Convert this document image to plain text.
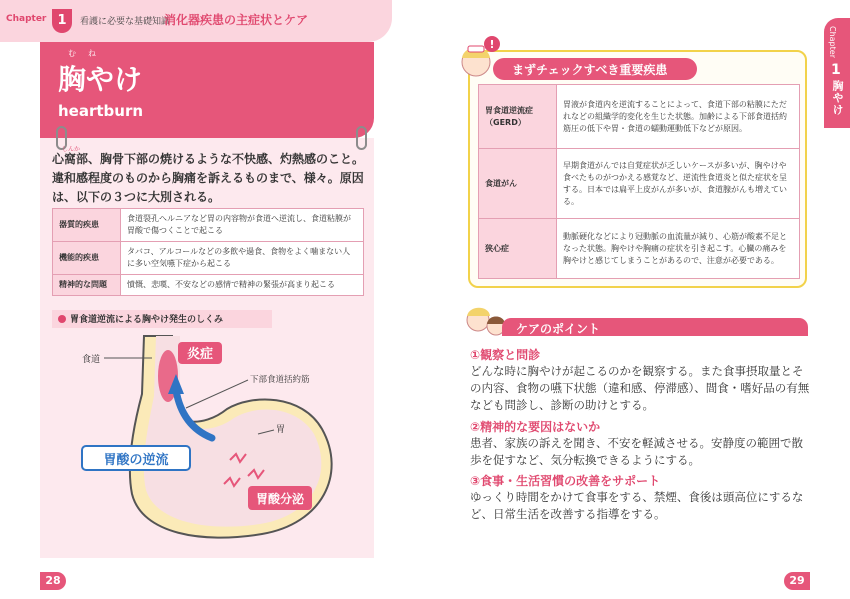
Chapter 1	看護に必要な基礎知識
消化器疾患の主症状とケア
むね
胸やけ
heartburn
しんか
心窩部、胸骨下部の焼けるような不快感、灼熱感のこと。違和感程度のものから胸痛を訴えるものまで、様々。原因は、以下の３つに大別される。
器質的疾患	食道裂孔ヘルニアなど胃の内容物が食道へ逆流し、食道粘膜が胃酸で傷つくことで起こる
機能的疾患	タバコ、アルコールなどの多飲や過食、食物をよく噛まない人に多い空気嚥下症から起こる
精神的な問題	憤慨、悲嘆、不安などの感情で精神の緊張が高まり起こる
胃食道逆流による胸やけ発生のしくみ
食道	炎症
下部食道括約筋
胃
胃酸の逆流
胃酸分泌
28
Chapter
1
胸やけ
!
まずチェックすべき重要疾患
胃食道逆流症
（GERD）	胃液が食道内を逆流することによって、食道下部の粘膜にただれなどの組織学的変化を生じた状態。加齢による下部食道括約筋圧の低下や胃・食道の蠕動運動低下などが原因。
食道がん	早期食道がんでは自覚症状が乏しいケースが多いが、胸やけや食べたものがつかえる感覚など、逆流性食道炎と似た症状を呈する。日本では扁平上皮がんが多いが、食道腺がんも増えている。
狭心症	動脈硬化などにより冠動脈の血流量が減り、心筋が酸素不足となった状態。胸やけや胸痛の症状を引き起こす。心臓の痛みを胸やけと感じてしまうことがあるので、注意が必要である。
ケアのポイント
①観察と問診
どんな時に胸やけが起こるのかを観察する。また食事摂取量とその内容、食物の嚥下状態（違和感、停滞感）、間食・嗜好品の有無なども問診し、診断の助けとする。
②精神的な要因はないか
患者、家族の訴えを聞き、不安を軽減させる。安静度の範囲で散歩を促すなど、気分転換できるようにする。
③食事・生活習慣の改善をサポート
ゆっくり時間をかけて食事をする、禁煙、食後は頭高位にするなど、日常生活を改善する指導をする。
29
